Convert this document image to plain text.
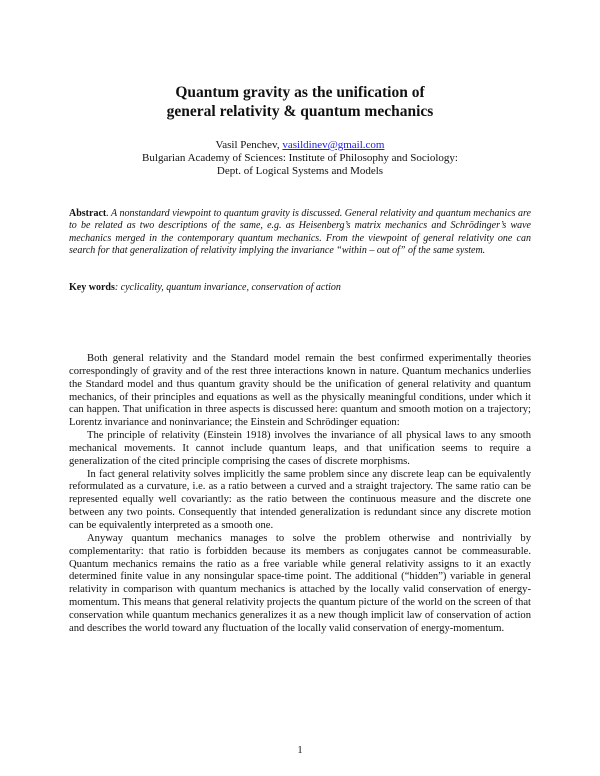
Quantum gravity as the unification of
general relativity & quantum mechanics
Vasil Penchev, vasildinev@gmail.com
Bulgarian Academy of Sciences: Institute of Philosophy and Sociology:
Dept. of Logical Systems and Models
Abstract. A nonstandard viewpoint to quantum gravity is discussed. General relativity and quantum mechanics are to be related as two descriptions of the same, e.g. as Heisenberg’s matrix mechanics and Schrödinger’s wave mechanics merged in the contemporary quantum mechanics. From the viewpoint of general relativity one can search for that generalization of relativity implying the invariance “within – out of” of the same system.
Key words: cyclicality, quantum invariance, conservation of action

Both general relativity and the Standard model remain the best confirmed experimentally theories correspondingly of gravity and of the rest three interactions known in nature. Quantum mechanics underlies the Standard model and thus quantum gravity should be the unification of general relativity and quantum mechanics, of their principles and equations as well as the physically meaningful conditions, under which it can happen. That unification in three aspects is discussed here: quantum and smooth motion on a trajectory; Lorentz invariance and noninvariance; the Einstein and Schrödinger equation:

The principle of relativity (Einstein 1918) involves the invariance of all physical laws to any smooth mechanical movements. It cannot include quantum leaps, and that unification seems to require a generalization of the cited principle comprising the cases of discrete morphisms.

In fact general relativity solves implicitly the same problem since any discrete leap can be equivalently reformulated as a curvature, i.e. as a ratio between a curved and a straight trajectory. The same ratio can be represented equally well covariantly: as the ratio between the continuous measure and the discrete one between any two points. Consequently that intended generalization is redundant since any discrete motion can be equivalently interpreted as a smooth one.

Anyway quantum mechanics manages to solve the problem otherwise and nontrivially by complementarity: that ratio is forbidden because its members as conjugates cannot be commeasurable. Quantum mechanics remains the ratio as a free variable while general relativity assigns to it an exactly determined finite value in any nonsingular space-time point. The additional (“hidden”) variable in general relativity in comparison with quantum mechanics is attached by the locally valid conservation of energy-momentum. This means that general relativity projects the quantum picture of the world on the screen of that conservation while quantum mechanics generalizes it as a new though implicit law of conservation of action and describes the world toward any fluctuation of the locally valid conservation of energy-momentum.

1
